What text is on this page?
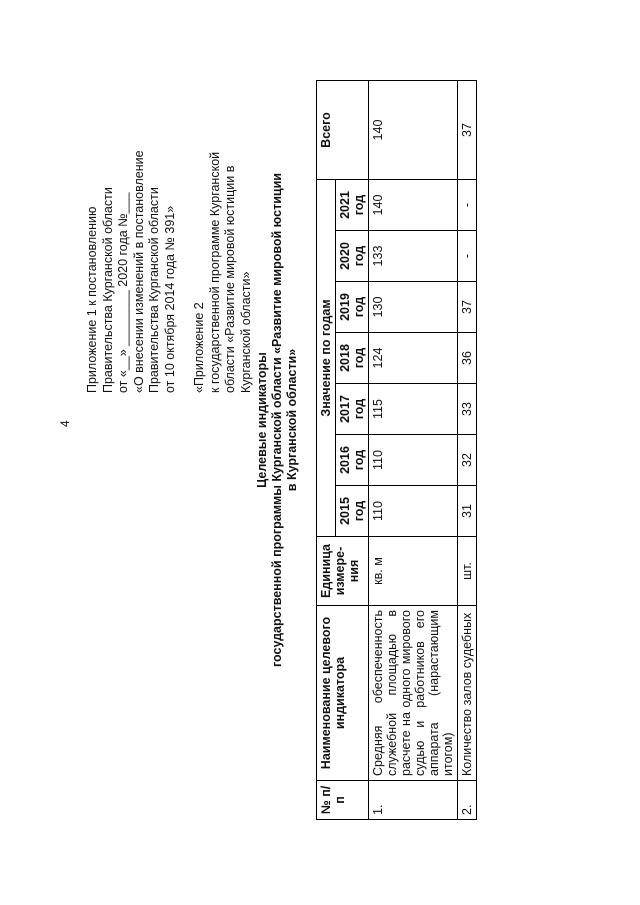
4

Приложение 1 к постановлению Правительства Курганской области от «__» ________ 2020 года №___ «О внесении изменений в постановление Правительства Курганской области от 10 октября 2014 года № 391» «Приложение 2 к государственной программе Курганской области «Развитие мировой юстиции в Курганской области»

Целевые индикаторы государственной программы Курганской области «Развитие мировой юстиции в Курганской области»

№ п/п	Наименование целевого индикатора	Единица измере-ния	Значение по годам							Всего
			2015 год	2016 год	2017 год	2018 год	2019 год	2020 год	2021 год	
1.	Средняя обеспеченность служебной площадью в расчете на одного мирового судью и работников его аппарата (нарастающим итогом)	кв. м	110	110	115	124	130	133	140	140
2.	Количество залов судебных	шт.	31	32	33	36	37	-	-	37
